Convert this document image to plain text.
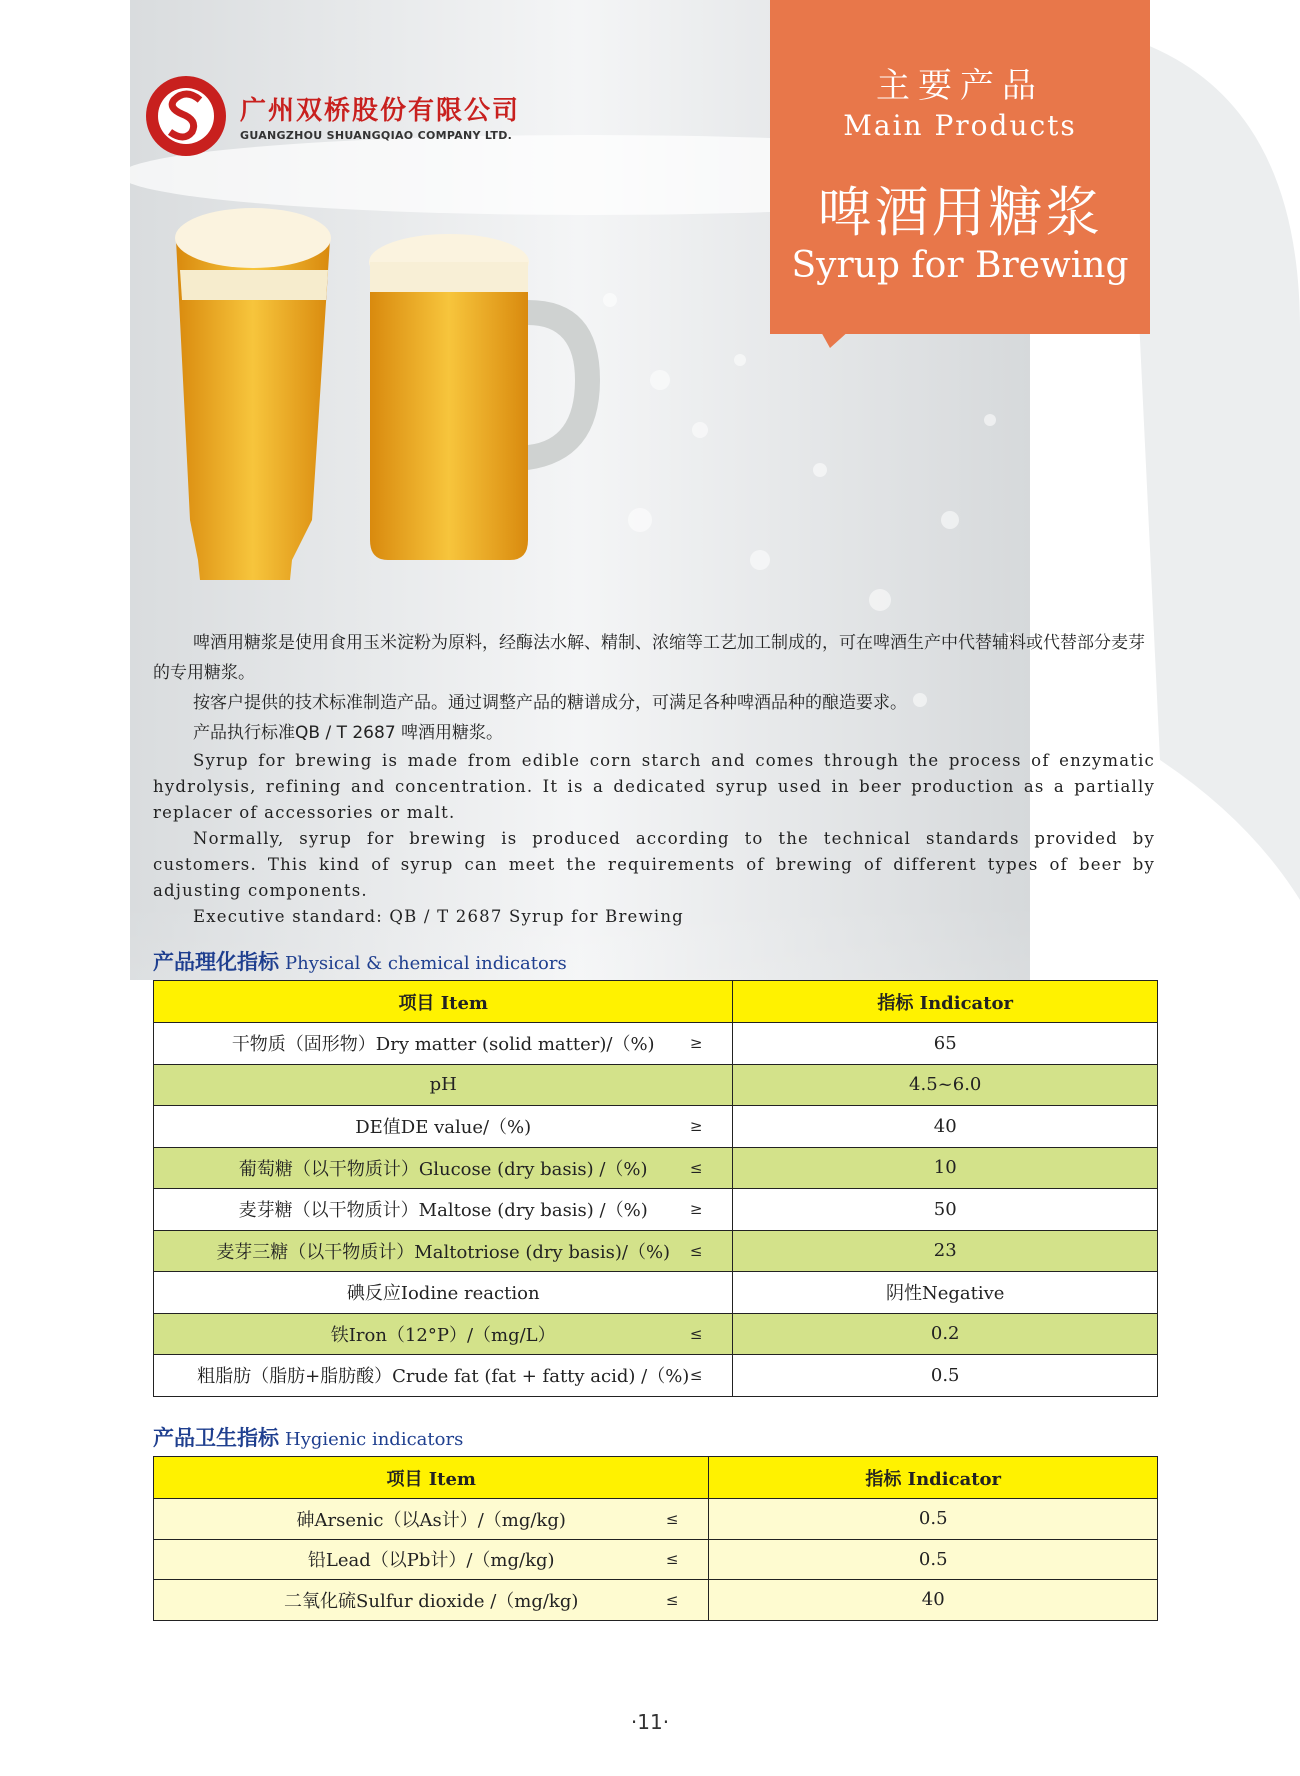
广州双桥股份有限公司
GUANGZHOU SHUANGQIAO COMPANY LTD.
主要产品
Main Products
啤酒用糖浆
Syrup for Brewing

啤酒用糖浆是使用食用玉米淀粉为原料，经酶法水解、精制、浓缩等工艺加工制成的，可在啤酒生产中代替辅料或代替部分麦芽的专用糖浆。

按客户提供的技术标准制造产品。通过调整产品的糖谱成分，可满足各种啤酒品种的酿造要求。

产品执行标准QB / T 2687 啤酒用糖浆。

Syrup for brewing is made from edible corn starch and comes through the process of enzymatic hydrolysis, refining and concentration. It is a dedicated syrup used in beer production as a partially replacer of accessories or malt.

Normally, syrup for brewing is produced according to the technical standards provided by customers. This kind of syrup can meet the requirements of brewing of different types of beer by adjusting components.

Executive standard: QB / T 2687 Syrup for Brewing

产品理化指标 Physical & chemical indicators
项目 Item	指标 Indicator
干物质（固形物）Dry matter (solid matter)/（%) ≥	65
pH	4.5~6.0
DE值DE value/（%) ≥	40
葡萄糖（以干物质计）Glucose (dry basis) /（%) ≤	10
麦芽糖（以干物质计）Maltose (dry basis) /（%) ≥	50
麦芽三糖（以干物质计）Maltotriose (dry basis)/（%) ≤	23
碘反应Iodine reaction	阴性Negative
铁Iron（12°P）/（mg/L） ≤	0.2
粗脂肪（脂肪+脂肪酸）Crude fat (fat + fatty acid) /（%) ≤	0.5
产品卫生指标 Hygienic indicators
项目 Item	指标 Indicator
砷Arsenic（以As计）/（mg/kg) ≤	0.5
铅Lead（以Pb计）/（mg/kg) ≤	0.5
二氧化硫Sulfur dioxide /（mg/kg) ≤	40
·11·
